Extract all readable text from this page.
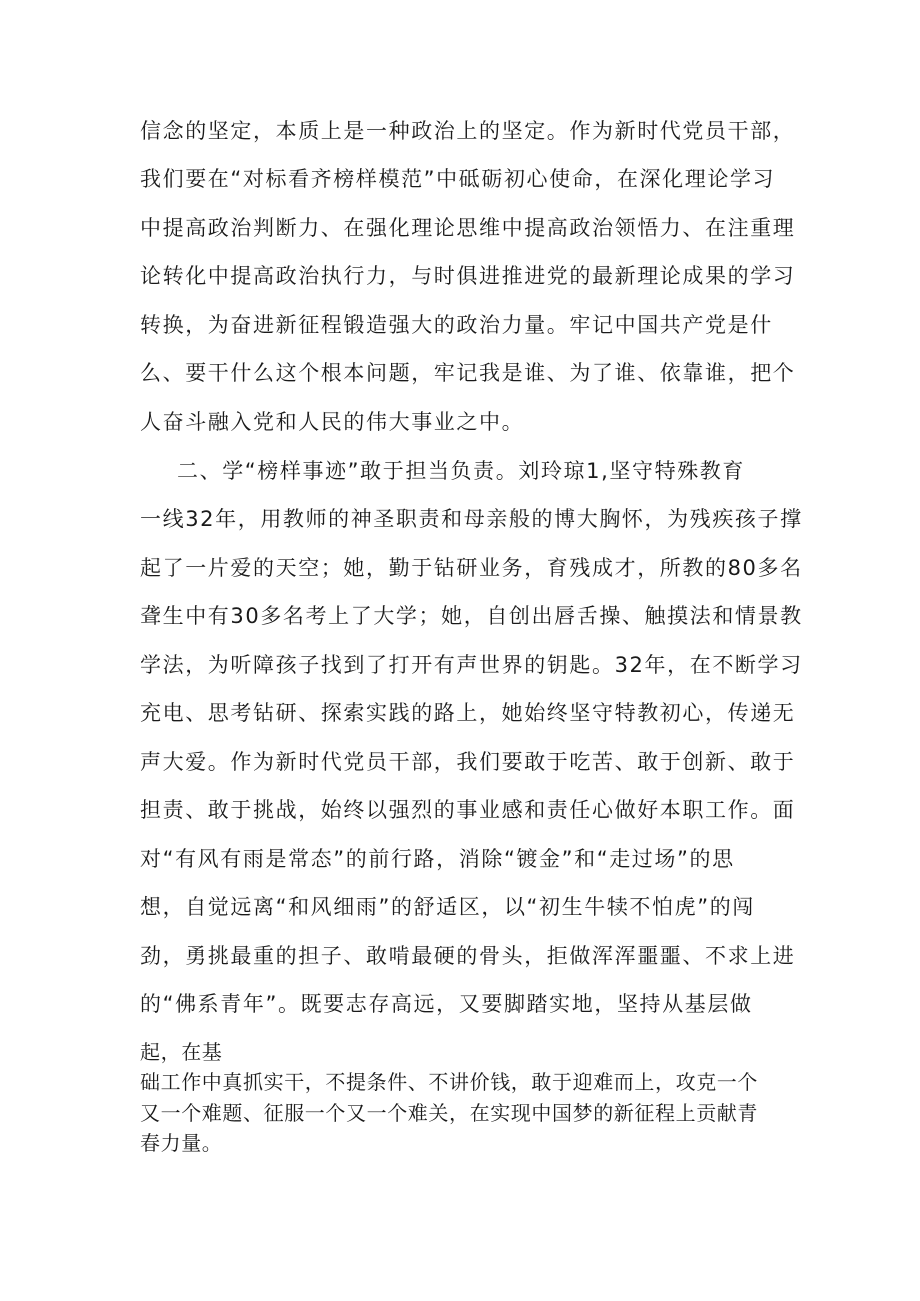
信念的坚定，本质上是一种政治上的坚定。作为新时代党员干部，

我们要在“对标看齐榜样模范”中砥砺初心使命，在深化理论学习

中提高政治判断力、在强化理论思维中提高政治领悟力、在注重理

论转化中提高政治执行力，与时俱进推进党的最新理论成果的学习

转换，为奋进新征程锻造强大的政治力量。牢记中国共产党是什

么、要干什么这个根本问题，牢记我是谁、为了谁、依靠谁，把个

人奋斗融入党和人民的伟大事业之中。

二、学“榜样事迹”敢于担当负责。刘玲琼1,坚守特殊教育

一线32年，用教师的神圣职责和母亲般的博大胸怀，为残疾孩子撑

起了一片爱的天空；她，勤于钻研业务，育残成才，所教的80多名

聋生中有30多名考上了大学；她，自创出唇舌操、触摸法和情景教

学法，为听障孩子找到了打开有声世界的钥匙。32年，在不断学习

充电、思考钻研、探索实践的路上，她始终坚守特教初心，传递无

声大爱。作为新时代党员干部，我们要敢于吃苦、敢于创新、敢于

担责、敢于挑战，始终以强烈的事业感和责任心做好本职工作。面

对“有风有雨是常态”的前行路，消除“镀金”和“走过场”的思

想，自觉远离“和风细雨”的舒适区，以“初生牛犊不怕虎”的闯

劲，勇挑最重的担子、敢啃最硬的骨头，拒做浑浑噩噩、不求上进

的“佛系青年”。既要志存高远，又要脚踏实地，坚持从基层做

起，在基

础工作中真抓实干，不提条件、不讲价钱，敢于迎难而上，攻克一个

又一个难题、征服一个又一个难关，在实现中国梦的新征程上贡献青

春力量。
